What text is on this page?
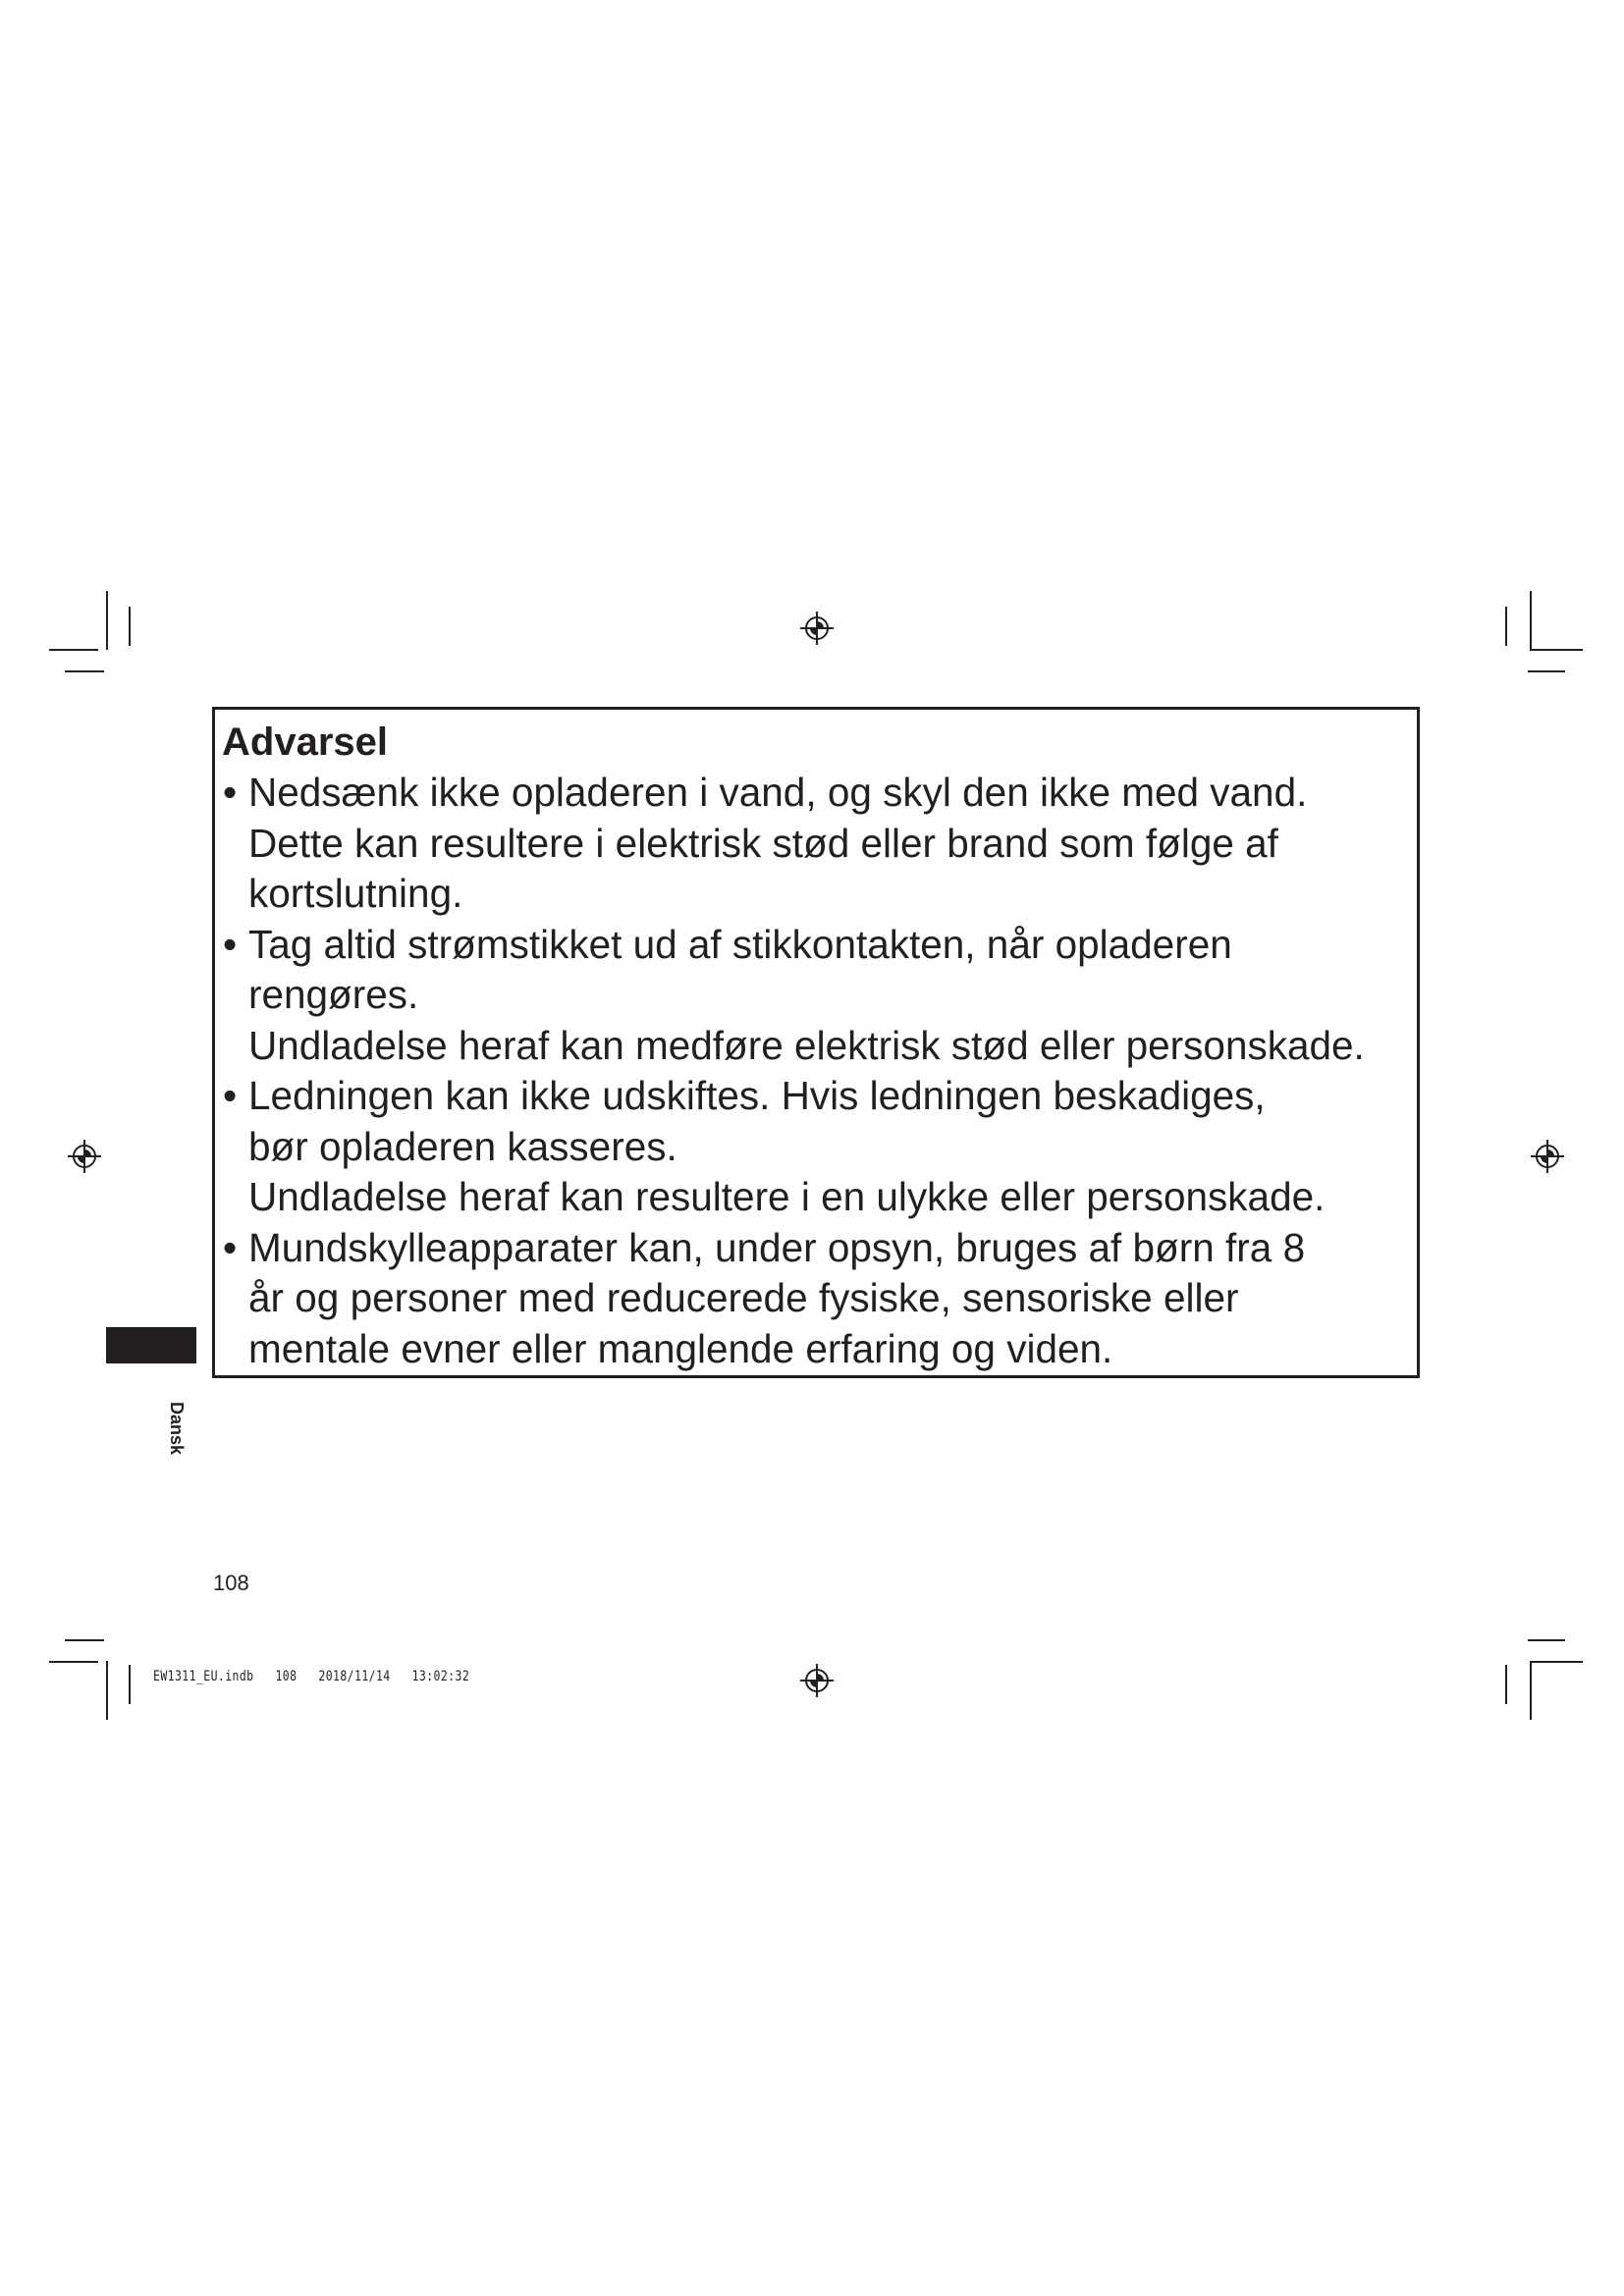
Advarsel
• Nedsænk ikke opladeren i vand, og skyl den ikke med vand.
Dette kan resultere i elektrisk stød eller brand som følge af
kortslutning.

• Tag altid strømstikket ud af stikkontakten, når opladeren
rengøres.
Undladelse heraf kan medføre elektrisk stød eller personskade.

• Ledningen kan ikke udskiftes. Hvis ledningen beskadiges,
bør opladeren kasseres.
Undladelse heraf kan resultere i en ulykke eller personskade.

• Mundskylleapparater kan, under opsyn, bruges af børn fra 8
år og personer med reducerede fysiske, sensoriske eller
mentale evner eller manglende erfaring og viden.

Dansk
108
EW1311_EU.indb   108   2018/11/14   13:02:32
